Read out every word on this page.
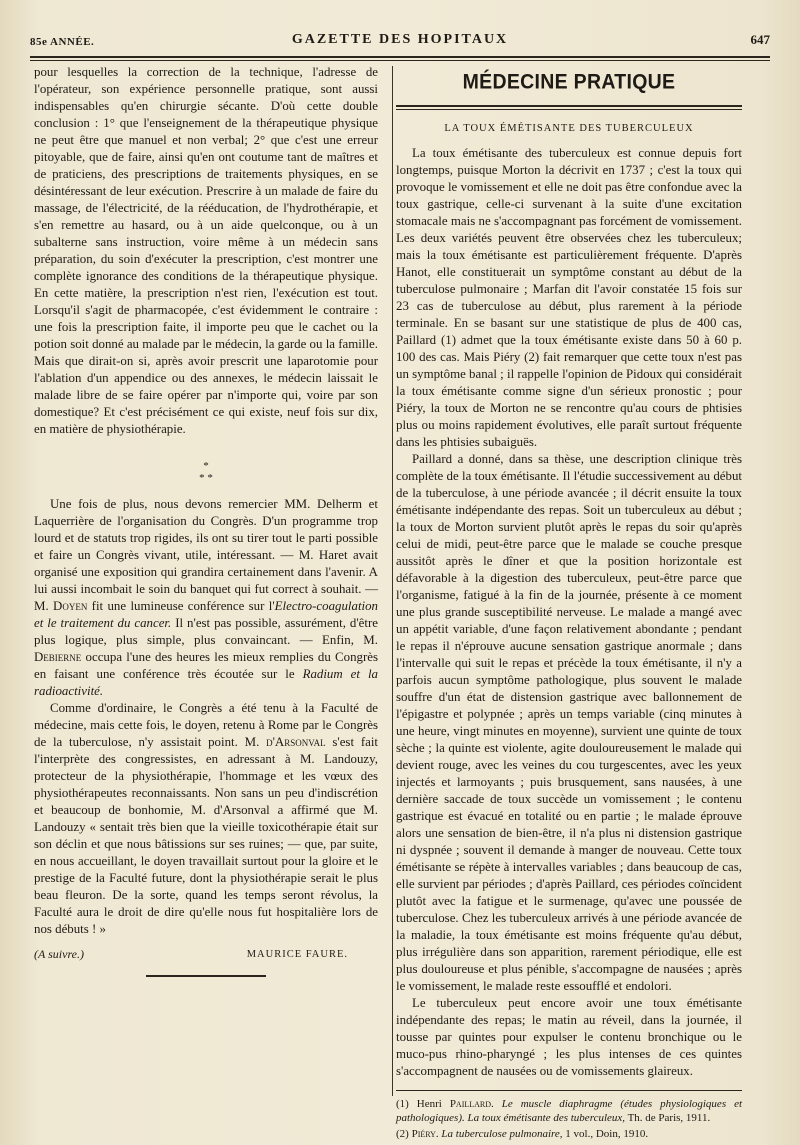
85e ANNÉE.	GAZETTE DES HOPITAUX	647

pour lesquelles la correction de la technique, l'adresse de l'opérateur, son expérience personnelle pratique, sont aussi indispensables qu'en chirurgie sécante. D'où cette double conclusion : 1° que l'enseignement de la thérapeutique physique ne peut être que manuel et non verbal; 2° que c'est une erreur pitoyable, que de faire, ainsi qu'en ont coutume tant de maîtres et de praticiens, des prescriptions de traitements physiques, en se désintéressant de leur exécution. Prescrire à un malade de faire du massage, de l'électricité, de la rééducation, de l'hydrothérapie, et s'en remettre au hasard, ou à un aide quelconque, ou à un subalterne sans instruction, voire même à un médecin sans préparation, du soin d'exécuter la prescription, c'est montrer une complète ignorance des conditions de la thérapeutique physique. En cette matière, la prescription n'est rien, l'exécution est tout. Lorsqu'il s'agit de pharmacopée, c'est évidemment le contraire : une fois la prescription faite, il importe peu que le cachet ou la potion soit donné au malade par le médecin, la garde ou la famille. Mais que dirait-on si, après avoir prescrit une laparotomie pour l'ablation d'un appendice ou des annexes, le médecin laissait le malade libre de se faire opérer par n'importe qui, voire par son domestique? Et c'est précisément ce qui existe, neuf fois sur dix, en matière de physiothérapie.

*
* *

Une fois de plus, nous devons remercier MM. Delherm et Laquerrière de l'organisation du Congrès. D'un programme trop lourd et de statuts trop rigides, ils ont su tirer tout le parti possible et faire un Congrès vivant, utile, intéressant. — M. Haret avait organisé une exposition qui grandira certainement dans l'avenir. A lui aussi incombait le soin du banquet qui fut correct à souhait. — M. Doyen fit une lumineuse conférence sur l'Electro-coagulation et le traitement du cancer. Il n'est pas possible, assurément, d'être plus logique, plus simple, plus convaincant. — Enfin, M. Debierne occupa l'une des heures les mieux remplies du Congrès en faisant une conférence très écoutée sur le Radium et la radioactivité.

Comme d'ordinaire, le Congrès a été tenu à la Faculté de médecine, mais cette fois, le doyen, retenu à Rome par le Congrès de la tuberculose, n'y assistait point. M. d'Arsonval s'est fait l'interprète des congressistes, en adressant à M. Landouzy, protecteur de la physiothérapie, l'hommage et les vœux des physiothérapeutes reconnaissants. Non sans un peu d'indiscrétion et beaucoup de bonhomie, M. d'Arsonval a affirmé que M. Landouzy « sentait très bien que la vieille toxicothérapie était sur son déclin et que nous bâtissions sur ses ruines; — que, par suite, en nous accueillant, le doyen travaillait surtout pour la gloire et le prestige de la Faculté future, dont la physiothérapie serait le plus beau fleuron. De la sorte, quand les temps seront révolus, la Faculté aura le droit de dire qu'elle nous fut hospitalière lors de nos débuts ! »

(A suivre.)	MAURICE FAURE.
MÉDECINE PRATIQUE
LA TOUX ÉMÉTISANTE DES TUBERCULEUX

La toux émétisante des tuberculeux est connue depuis fort longtemps, puisque Morton la décrivit en 1737 ; c'est la toux qui provoque le vomissement et elle ne doit pas être confondue avec la toux gastrique, celle-ci survenant à la suite d'une excitation stomacale mais ne s'accompagnant pas forcément de vomissement. Les deux variétés peuvent être observées chez les tuberculeux; mais la toux émétisante est particulièrement fréquente. D'après Hanot, elle constituerait un symptôme constant au début de la tuberculose pulmonaire ; Marfan dit l'avoir constatée 15 fois sur 23 cas de tuberculose au début, plus rarement à la période terminale. En se basant sur une statistique de plus de 400 cas, Paillard (1) admet que la toux émétisante existe dans 50 à 60 p. 100 des cas. Mais Piéry (2) fait remarquer que cette toux n'est pas un symptôme banal ; il rappelle l'opinion de Pidoux qui considérait la toux émétisante comme signe d'un sérieux pronostic ; pour Piéry, la toux de Morton ne se rencontre qu'au cours de phtisies plus ou moins rapidement évolutives, elle paraît surtout fréquente dans les phtisies subaiguës.

Paillard a donné, dans sa thèse, une description clinique très complète de la toux émétisante. Il l'étudie successivement au début de la tuberculose, à une période avancée ; il décrit ensuite la toux émétisante indépendante des repas. Soit un tuberculeux au début ; la toux de Morton survient plutôt après le repas du soir qu'après celui de midi, peut-être parce que le malade se couche presque aussitôt après le dîner et que la position horizontale est défavorable à la digestion des tuberculeux, peut-être parce que l'organisme, fatigué à la fin de la journée, présente à ce moment une plus grande susceptibilité nerveuse. Le malade a mangé avec un appétit variable, d'une façon relativement abondante ; pendant le repas il n'éprouve aucune sensation gastrique anormale ; dans l'intervalle qui suit le repas et précède la toux émétisante, il n'y a parfois aucun symptôme pathologique, plus souvent le malade souffre d'un état de distension gastrique avec ballonnement de l'épigastre et polypnée ; après un temps variable (cinq minutes à une heure, vingt minutes en moyenne), survient une quinte de toux sèche ; la quinte est violente, agite douloureusement le malade qui devient rouge, avec les veines du cou turgescentes, avec les yeux injectés et larmoyants ; puis brusquement, sans nausées, à une dernière saccade de toux succède un vomissement ; le contenu gastrique est évacué en totalité ou en partie ; le malade éprouve alors une sensation de bien-être, il n'a plus ni distension gastrique ni dyspnée ; souvent il demande à manger de nouveau. Cette toux émétisante se répète à intervalles variables ; dans beaucoup de cas, elle survient par périodes ; d'après Paillard, ces périodes coïncident plutôt avec la fatigue et le surmenage, qu'avec une poussée de tuberculose. Chez les tuberculeux arrivés à une période avancée de la maladie, la toux émétisante est moins fréquente qu'au début, plus irrégulière dans son apparition, rarement périodique, elle est plus douloureuse et plus pénible, s'accompagne de nausées ; après le vomissement, le malade reste essoufflé et endolori.

Le tuberculeux peut encore avoir une toux émétisante indépendante des repas; le matin au réveil, dans la journée, il tousse par quintes pour expulser le contenu bronchique ou le muco-pus rhino-pharyngé ; les plus intenses de ces quintes s'accompagnent de nausées ou de vomissements glaireux.

(1) Henri Paillard. Le muscle diaphragme (études physiologiques et pathologiques). La toux émétisante des tuberculeux, Th. de Paris, 1911.

(2) Piéry. La tuberculose pulmonaire, 1 vol., Doin, 1910.
